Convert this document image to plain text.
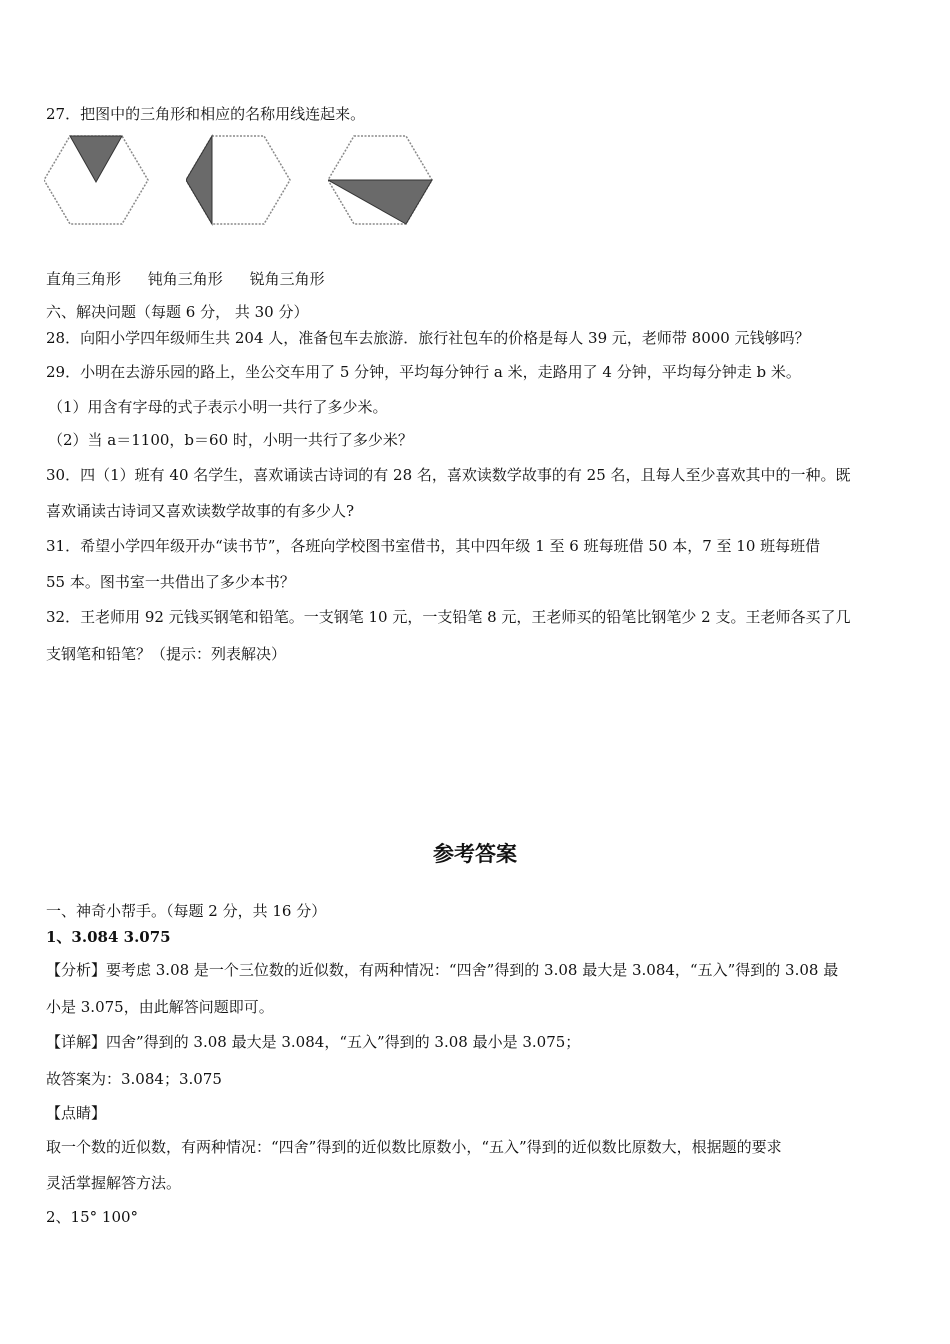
27．把图中的三角形和相应的名称用线连起来。
直角三角形 钝角三角形 锐角三角形
六、解决问题（每题 6 分， 共 30 分）
28．向阳小学四年级师生共 204 人，准备包车去旅游．旅行社包车的价格是每人 39 元，老师带 8000 元钱够吗？
29．小明在去游乐园的路上，坐公交车用了 5 分钟，平均每分钟行 a 米，走路用了 4 分钟，平均每分钟走 b 米。
（1）用含有字母的式子表示小明一共行了多少米。
（2）当 a＝1100，b＝60 时，小明一共行了多少米？
30．四（1）班有 40 名学生，喜欢诵读古诗词的有 28 名，喜欢读数学故事的有 25 名，且每人至少喜欢其中的一种。既
喜欢诵读古诗词又喜欢读数学故事的有多少人?
31．希望小学四年级开办“读书节”，各班向学校图书室借书，其中四年级 1 至 6 班每班借 50 本，7 至 10 班每班借
55 本。图书室一共借出了多少本书？
32．王老师用 92 元钱买钢笔和铅笔。一支钢笔 10 元，一支铅笔 8 元，王老师买的铅笔比钢笔少 2 支。王老师各买了几
支钢笔和铅笔？（提示：列表解决）
参考答案
一、神奇小帮手。（每题 2 分，共 16 分）
1、3.084 3.075
【分析】要考虑 3.08 是一个三位数的近似数，有两种情况：“四舍”得到的 3.08 最大是 3.084，“五入”得到的 3.08 最
小是 3.075，由此解答问题即可。
【详解】四舍”得到的 3.08 最大是 3.084，“五入”得到的 3.08 最小是 3.075；
故答案为：3.084；3.075
【点睛】
取一个数的近似数，有两种情况：“四舍”得到的近似数比原数小，“五入”得到的近似数比原数大，根据题的要求
灵活掌握解答方法。
2、15° 100°
